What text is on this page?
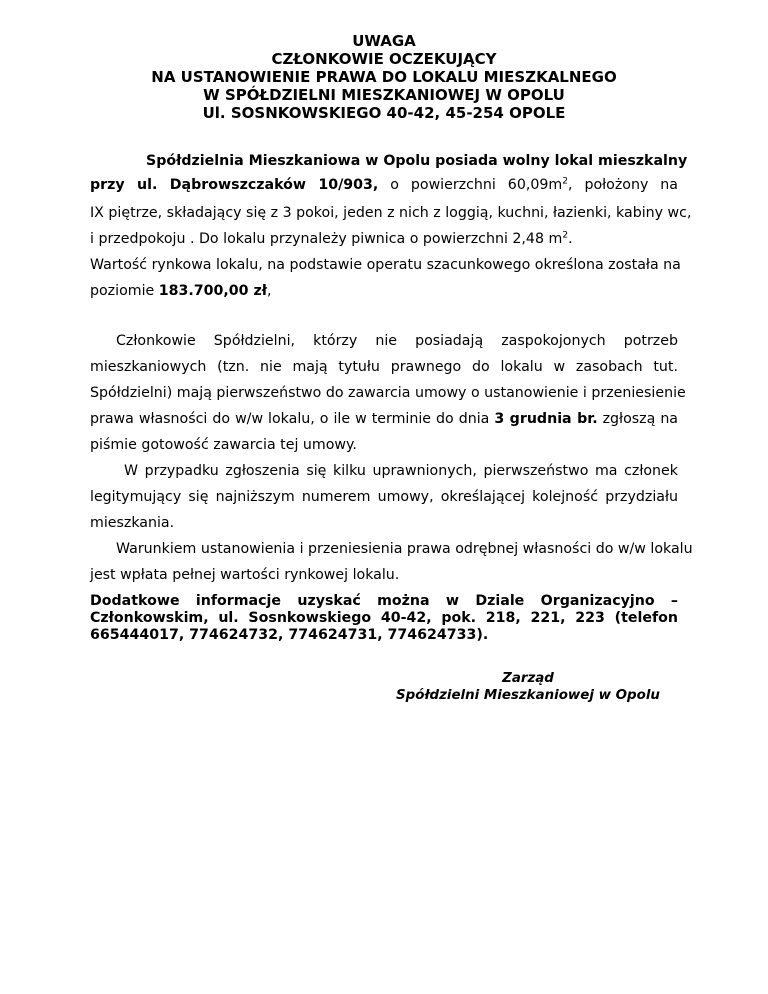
UWAGA
CZŁONKOWIE OCZEKUJĄCY
NA USTANOWIENIE PRAWA DO LOKALU MIESZKALNEGO
W SPÓŁDZIELNI MIESZKANIOWEJ W OPOLU
Ul. SOSNKOWSKIEGO 40-42, 45-254 OPOLE
Spółdzielnia Mieszkaniowa w Opolu posiada wolny lokal mieszkalny
przy ul. Dąbrowszczaków 10/903, o powierzchni $60,09m^2$, położony na
IX piętrze, składający się z 3 pokoi, jeden z nich z loggią, kuchni, łazienki, kabiny wc,
i przedpokoju . Do lokalu przynależy piwnica o powierzchni 2,48 $m^2$.
Wartość rynkowa lokalu, na podstawie operatu szacunkowego określona została na
poziomie 183.700,00 zł,
Członkowie Spółdzielni, którzy nie posiadają zaspokojonych potrzeb
mieszkaniowych (tzn. nie mają tytułu prawnego do lokalu w zasobach tut.
Spółdzielni) mają pierwszeństwo do zawarcia umowy o ustanowienie i przeniesienie
prawa własności do w/w lokalu, o ile w terminie do dnia 3 grudnia br. zgłoszą na
piśmie gotowość zawarcia tej umowy.
W przypadku zgłoszenia się kilku uprawnionych, pierwszeństwo ma członek
legitymujący się najniższym numerem umowy, określającej kolejność przydziału
mieszkania.
Warunkiem ustanowienia i przeniesienia prawa odrębnej własności do w/w lokalu
jest wpłata pełnej wartości rynkowej lokalu.
Dodatkowe informacje uzyskać można w Dziale Organizacyjno –
Członkowskim, ul. Sosnkowskiego 40-42, pok. 218, 221, 223 (telefon
665444017, 774624732, 774624731, 774624733).
Zarząd
Spółdzielni Mieszkaniowej w Opolu
